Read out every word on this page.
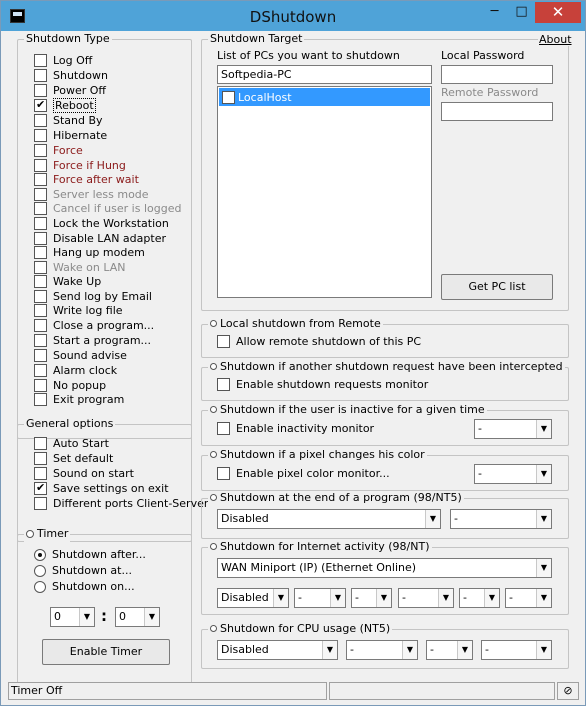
DShutdown	─	□	✕
Shutdown Type
Log Off
Shutdown
Power Off
✔
Reboot
Stand By
Hibernate
Force
Force if Hung
Force after wait
Server less mode
Cancel if user is logged
Lock the Workstation
Disable LAN adapter
Hang up modem
Wake on LAN
Wake Up
Send log by Email
Write log file
Close a program...
Start a program...
Sound advise
Alarm clock
No popup
Exit program
General options
Auto Start
Set default
Sound on start
✔
Save settings on exit
Different ports Client-Server
Timer
Shutdown after...
Shutdown at...
Shutdown on...
0	▼ :	0	▼
Enable Timer
Shutdown Target	About
List of PCs you want to shutdown
Softpedia-PC
✔
LocalHost
Local Password
Remote Password
Get PC list
Local shutdown from Remote
Allow remote shutdown of this PC
Shutdown if another shutdown request have been intercepted
Enable shutdown requests monitor
Shutdown if the user is inactive for a given time
Enable inactivity monitor	-	▼
Shutdown if a pixel changes his color
Enable pixel color monitor...	-	▼
Shutdown at the end of a program (98/NT5)
Disabled	▼	-	▼
Shutdown for Internet activity (98/NT)
WAN Miniport (IP) (Ethernet Online)	▼
Disabled	▼	-	▼	-	▼	-	▼	-	▼	-	▼
Shutdown for CPU usage (NT5)
Disabled	▼	-	▼	-	▼	-	▼
Timer Off	⊘
